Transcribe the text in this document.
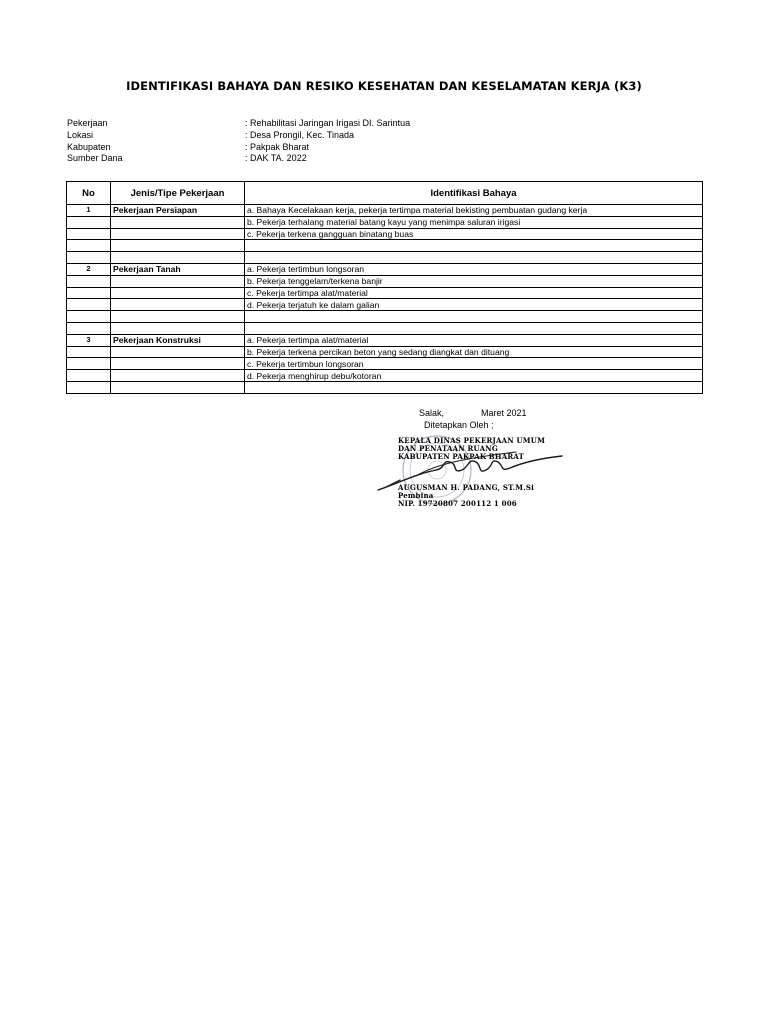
IDENTIFIKASI BAHAYA DAN RESIKO KESEHATAN DAN KESELAMATAN KERJA (K3)
Pekerjaan	: Rehabilitasi Jaringan Irigasi DI. Sarintua
Lokasi	: Desa Prongil, Kec. Tinada
Kabupaten	: Pakpak Bharat
Sumber Dana	: DAK TA. 2022
No	Jenis/Tipe Pekerjaan	Identifikasi Bahaya
1	Pekerjaan Persiapan	a. Bahaya Kecelakaan kerja, pekerja tertimpa material bekisting pembuatan gudang kerja
		b. Pekerja terhalang material batang kayu yang menimpa saluran irigasi
		c. Pekerja terkena gangguan binatang buas

2	Pekerjaan Tanah	a. Pekerja tertimbun longsoran
		b. Pekerja tenggelam/terkena banjir
		c. Pekerja tertimpa alat/material
		d. Pekerja terjatuh ke dalam galian

3	Pekerjaan Konstruksi	a. Pekerja tertimpa alat/material
		b. Pekerja terkena percikan beton yang sedang diangkat dan dituang
		c. Pekerja tertimbun longsoran
		d. Pekerja menghirup debu/kotoran

Salak,	Maret 2021
Ditetapkan Oleh ;
KEPALA DINAS PEKERJAAN UMUM
DAN PENATAAN RUANG
KABUPATEN PAKPAK BHARAT
AUGUSMAN H. PADANG, ST.M.Si
Pembina
NIP. 19720807 200112 1 006
